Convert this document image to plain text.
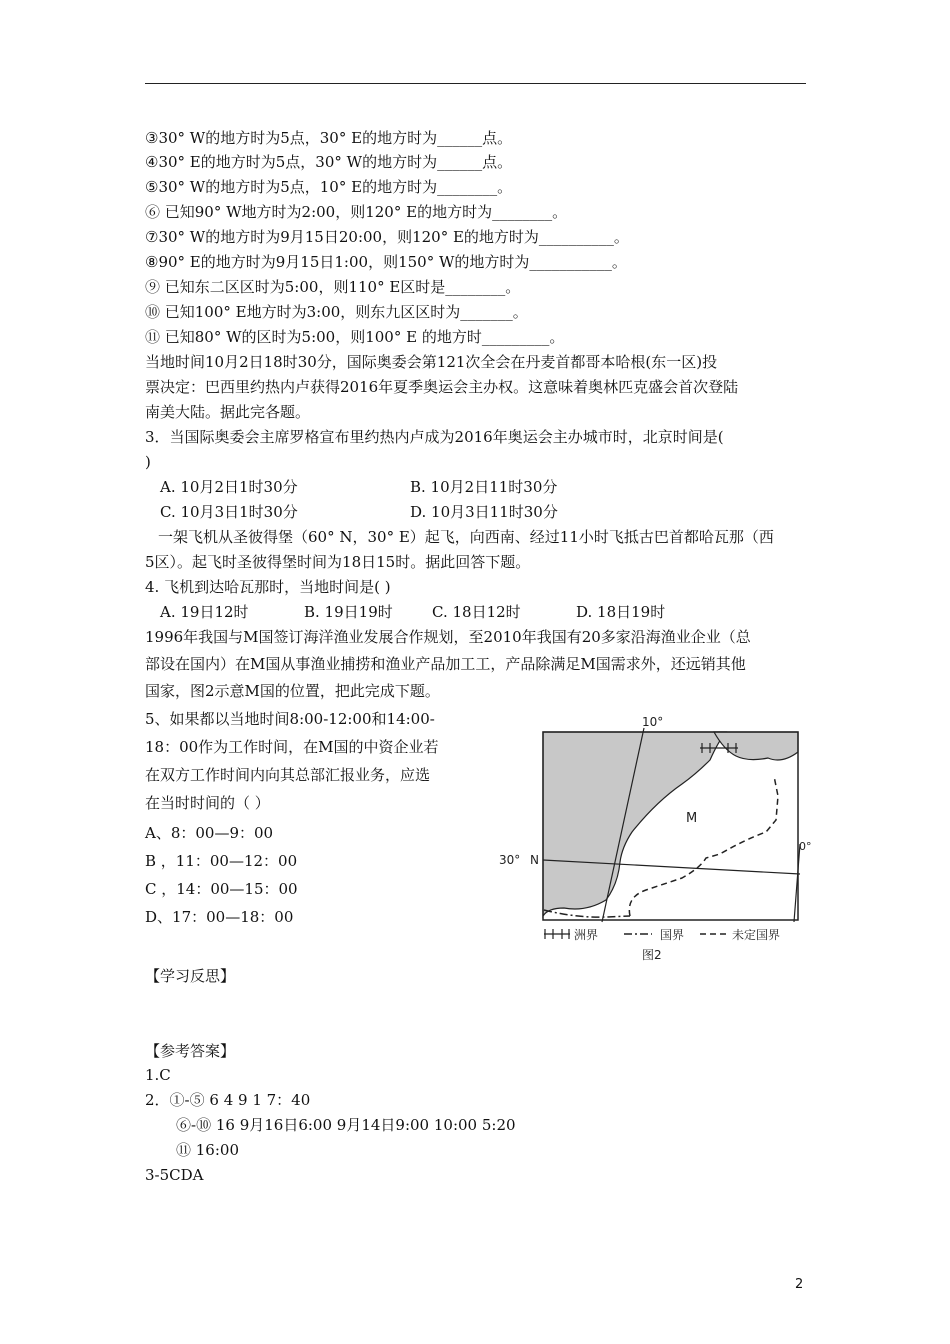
③30° W的地方时为5点，30° E的地方时为______点。
④30° E的地方时为5点，30° W的地方时为______点。
⑤30° W的地方时为5点，10° E的地方时为________。
⑥ 已知90° W地方时为2:00，则120° E的地方时为________。
⑦30° W的地方时为9月15日20:00，则120° E的地方时为__________。
⑧90° E的地方时为9月15日1:00，则150° W的地方时为___________。
⑨ 已知东二区区时为5:00，则110° E区时是________。
⑩ 已知100° E地方时为3:00，则东九区区时为_______。
⑪ 已知80° W的区时为5:00，则100° E 的地方时_________。
当地时间10月2日18时30分，国际奥委会第121次全会在丹麦首都哥本哈根(东一区)投
票决定：巴西里约热内卢获得2016年夏季奥运会主办权。这意味着奥林匹克盛会首次登陆
南美大陆。据此完各题。
3．当国际奥委会主席罗格宣布里约热内卢成为2016年奥运会主办城市时，北京时间是(
)
A. 10月2日1时30分	B. 10月2日11时30分
C. 10月3日1时30分	D. 10月3日11时30分
一架飞机从圣彼得堡（60° N，30° E）起飞，向西南、经过11小时飞抵古巴首都哈瓦那（西
5区）。起飞时圣彼得堡时间为18日15时。据此回答下题。
4. 飞机到达哈瓦那时，当地时间是( )
A. 19日12时	B. 19日19时	C. 18日12时	D. 18日19时
1996年我国与M国签订海洋渔业发展合作规划，至2010年我国有20多家沿海渔业企业（总
部设在国内）在M国从事渔业捕捞和渔业产品加工工，产品除满足M国需求外，还远销其他
国家，图2示意M国的位置，把此完成下题。
5、如果都以当地时间8:00-12:00和14:00-
18：00作为工作时间，在M国的中资企业若
在双方工作时间内向其总部汇报业务，应选
在当时时间的（ ）
A、8：00—9：00
B ，11：00—12：00
C ，14：00—15：00
D、17：00—18：00
10°
0°
30° N
M
洲界	国界	未定国界
图2
【学习反思】
【参考答案】
1.C
2．①-⑤ 6 4 9 1 7：40
⑥-⑩ 16 9月16日6:00 9月14日9:00 10:00 5:20
⑪ 16:00
3-5CDA
2
